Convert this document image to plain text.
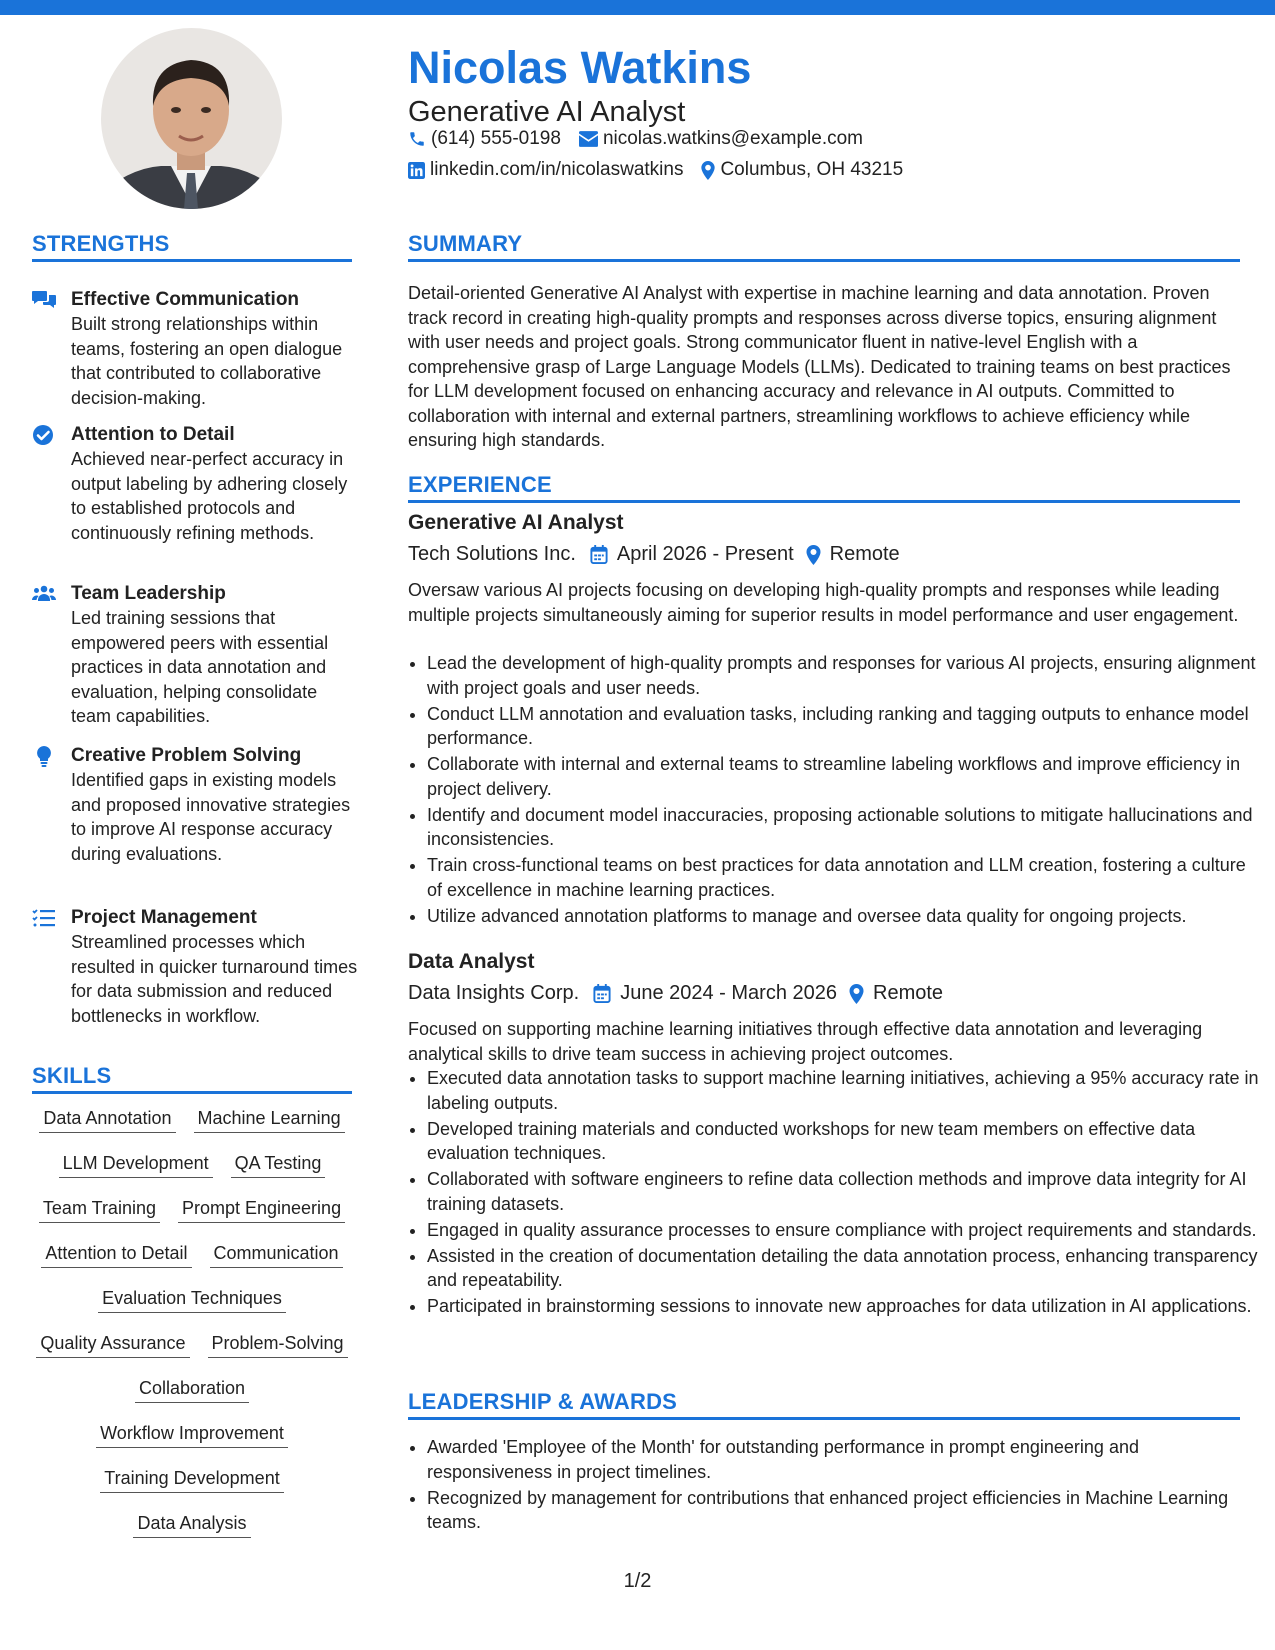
Nicolas Watkins
Generative AI Analyst
(614) 555-0198 nicolas.watkins@example.com
linkedin.com/in/nicolaswatkins Columbus, OH 43215
STRENGTHS
Effective Communication
Built strong relationships within teams, fostering an open dialogue that contributed to collaborative decision-making.
Attention to Detail
Achieved near-perfect accuracy in output labeling by adhering closely to established protocols and continuously refining methods.
Team Leadership
Led training sessions that empowered peers with essential practices in data annotation and evaluation, helping consolidate team capabilities.
Creative Problem Solving
Identified gaps in existing models and proposed innovative strategies to improve AI response accuracy during evaluations.
Project Management
Streamlined processes which resulted in quicker turnaround times for data submission and reduced bottlenecks in workflow.
SKILLS
Data Annotation Machine Learning
LLM Development QA Testing
Team Training Prompt Engineering
Attention to Detail Communication
Evaluation Techniques
Quality Assurance Problem-Solving
Collaboration
Workflow Improvement
Training Development
Data Analysis
SUMMARY

Detail-oriented Generative AI Analyst with expertise in machine learning and data annotation. Proven track record in creating high-quality prompts and responses across diverse topics, ensuring alignment with user needs and project goals. Strong communicator fluent in native-level English with a comprehensive grasp of Large Language Models (LLMs). Dedicated to training teams on best practices for LLM development focused on enhancing accuracy and relevance in AI outputs. Committed to collaboration with internal and external partners, streamlining workflows to achieve efficiency while ensuring high standards.

EXPERIENCE
Generative AI Analyst
Tech Solutions Inc. April 2026 - Present Remote

Oversaw various AI projects focusing on developing high-quality prompts and responses while leading multiple projects simultaneously aiming for superior results in model performance and user engagement.

• Lead the development of high-quality prompts and responses for various AI projects, ensuring alignment with project goals and user needs.
• Conduct LLM annotation and evaluation tasks, including ranking and tagging outputs to enhance model performance.
• Collaborate with internal and external teams to streamline labeling workflows and improve efficiency in project delivery.
• Identify and document model inaccuracies, proposing actionable solutions to mitigate hallucinations and inconsistencies.
• Train cross-functional teams on best practices for data annotation and LLM creation, fostering a culture of excellence in machine learning practices.
• Utilize advanced annotation platforms to manage and oversee data quality for ongoing projects.
Data Analyst
Data Insights Corp. June 2024 - March 2026 Remote

Focused on supporting machine learning initiatives through effective data annotation and leveraging analytical skills to drive team success in achieving project outcomes.

• Executed data annotation tasks to support machine learning initiatives, achieving a 95% accuracy rate in labeling outputs.
• Developed training materials and conducted workshops for new team members on effective data evaluation techniques.
• Collaborated with software engineers to refine data collection methods and improve data integrity for AI training datasets.
• Engaged in quality assurance processes to ensure compliance with project requirements and standards.
• Assisted in the creation of documentation detailing the data annotation process, enhancing transparency and repeatability.
• Participated in brainstorming sessions to innovate new approaches for data utilization in AI applications.
LEADERSHIP & AWARDS
• Awarded 'Employee of the Month' for outstanding performance in prompt engineering and responsiveness in project timelines.
• Recognized by management for contributions that enhanced project efficiencies in Machine Learning teams.
1/2
